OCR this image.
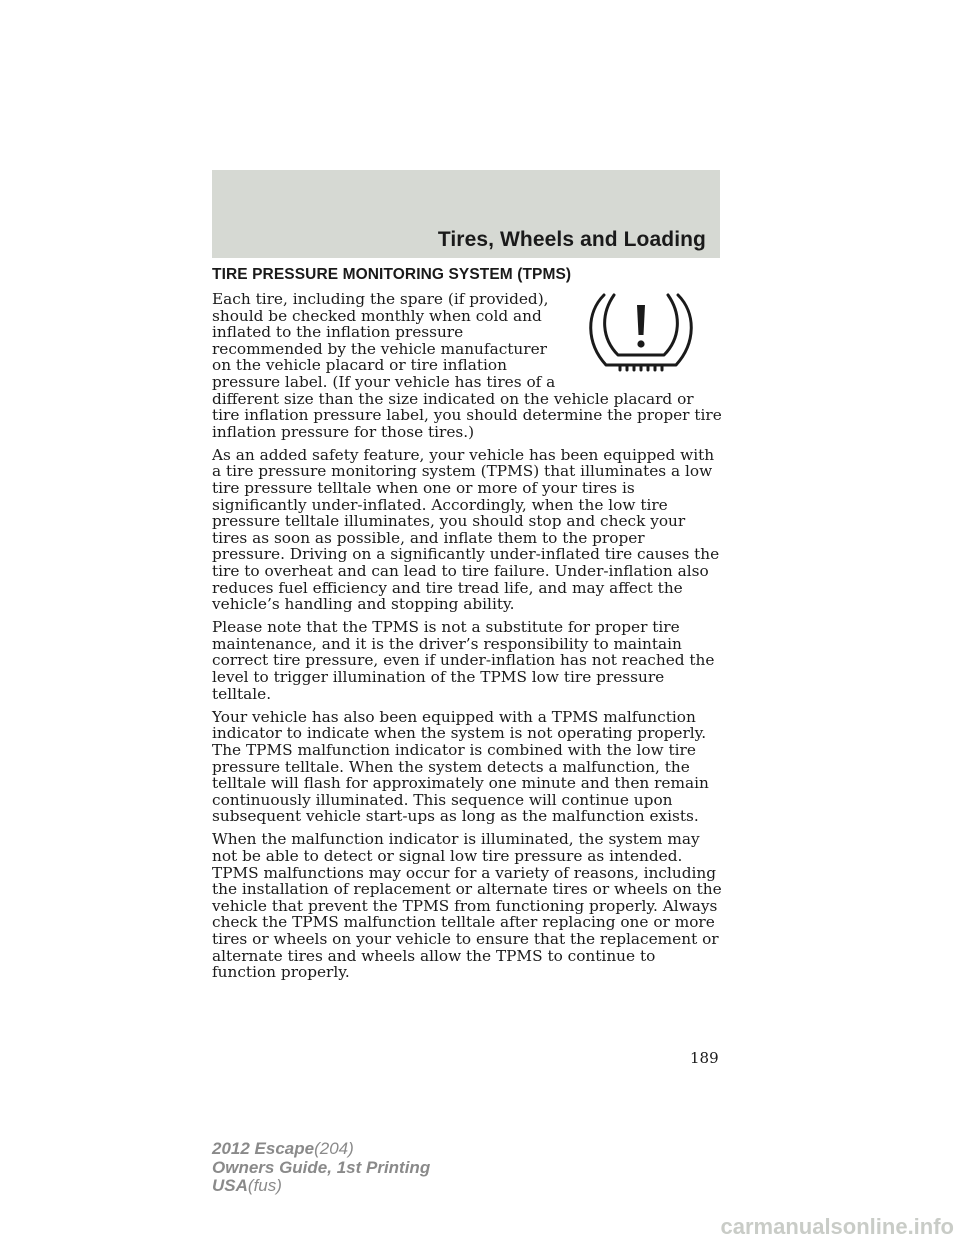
Tires, Wheels and Loading
TIRE PRESSURE MONITORING SYSTEM (TPMS)

Each tire, including the spare (if provided), should be checked monthly when cold and inflated to the inflation pressure recommended by the vehicle manufacturer on the vehicle placard or tire inflation pressure label. (If your vehicle has tires of a different size than the size indicated on the vehicle placard or tire inflation pressure label, you should determine the proper tire inflation pressure for those tires.)

As an added safety feature, your vehicle has been equipped with a tire pressure monitoring system (TPMS) that illuminates a low tire pressure telltale when one or more of your tires is significantly under-inflated. Accordingly, when the low tire pressure telltale illuminates, you should stop and check your tires as soon as possible, and inflate them to the proper pressure. Driving on a significantly under-inflated tire causes the tire to overheat and can lead to tire failure. Under-inflation also reduces fuel efficiency and tire tread life, and may affect the vehicle’s handling and stopping ability.

Please note that the TPMS is not a substitute for proper tire maintenance, and it is the driver’s responsibility to maintain correct tire pressure, even if under-inflation has not reached the level to trigger illumination of the TPMS low tire pressure telltale.

Your vehicle has also been equipped with a TPMS malfunction indicator to indicate when the system is not operating properly. The TPMS malfunction indicator is combined with the low tire pressure telltale. When the system detects a malfunction, the telltale will flash for approximately one minute and then remain continuously illuminated. This sequence will continue upon subsequent vehicle start-ups as long as the malfunction exists.

When the malfunction indicator is illuminated, the system may not be able to detect or signal low tire pressure as intended. TPMS malfunctions may occur for a variety of reasons, including the installation of replacement or alternate tires or wheels on the vehicle that prevent the TPMS from functioning properly. Always check the TPMS malfunction telltale after replacing one or more tires or wheels on your vehicle to ensure that the replacement or alternate tires and wheels allow the TPMS to continue to function properly.

189
2012 Escape(204)
Owners Guide, 1st Printing
USA(fus)
carmanualsonline.info
